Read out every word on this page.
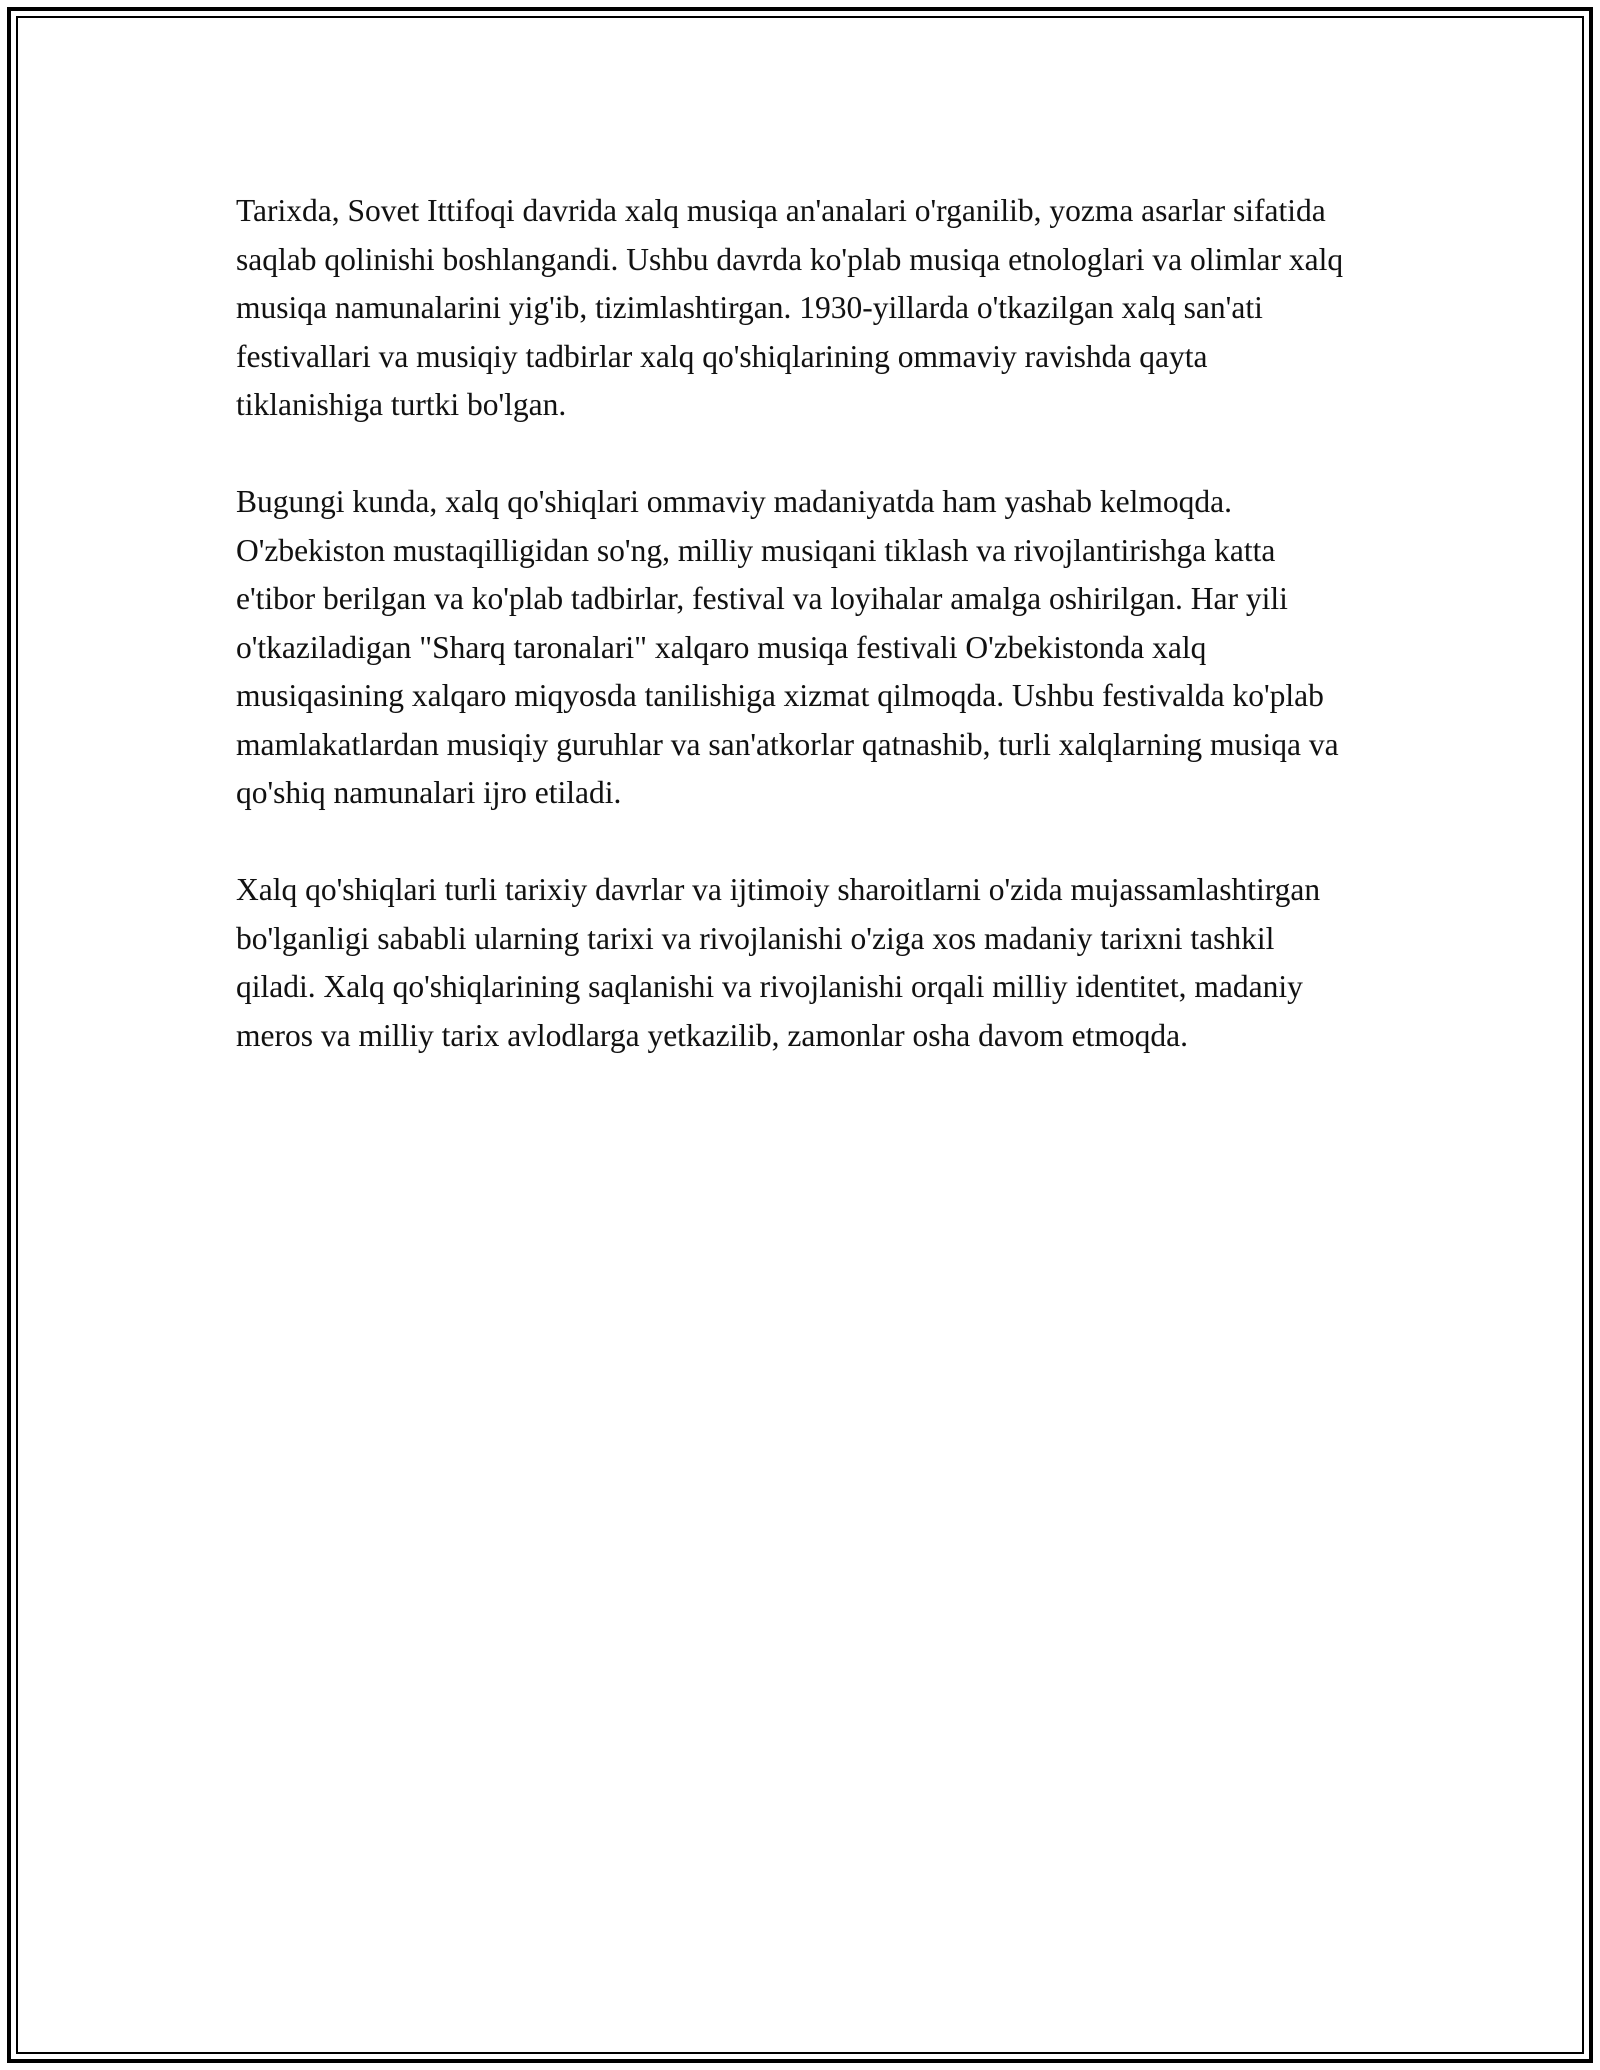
Tarixda, Sovet Ittifoqi davrida xalq musiqa an'analari o'rganilib, yozma asarlar sifatida saqlab qolinishi boshlangandi. Ushbu davrda ko'plab musiqa etnologlari va olimlar xalq musiqa namunalarini yig'ib, tizimlashtirgan. 1930-yillarda o'tkazilgan xalq san'ati festivallari va musiqiy tadbirlar xalq qo'shiqlarining ommaviy ravishda qayta tiklanishiga turtki bo'lgan.

Bugungi kunda, xalq qo'shiqlari ommaviy madaniyatda ham yashab kelmoqda. O'zbekiston mustaqilligidan so'ng, milliy musiqani tiklash va rivojlantirishga katta e'tibor berilgan va ko'plab tadbirlar, festival va loyihalar amalga oshirilgan. Har yili o'tkaziladigan "Sharq taronalari" xalqaro musiqa festivali O'zbekistonda xalq musiqasining xalqaro miqyosda tanilishiga xizmat qilmoqda. Ushbu festivalda ko'plab mamlakatlardan musiqiy guruhlar va san'atkorlar qatnashib, turli xalqlarning musiqa va qo'shiq namunalari ijro etiladi.

Xalq qo'shiqlari turli tarixiy davrlar va ijtimoiy sharoitlarni o'zida mujassamlashtirgan bo'lganligi sababli ularning tarixi va rivojlanishi o'ziga xos madaniy tarixni tashkil qiladi. Xalq qo'shiqlarining saqlanishi va rivojlanishi orqali milliy identitet, madaniy meros va milliy tarix avlodlarga yetkazilib, zamonlar osha davom etmoqda.
